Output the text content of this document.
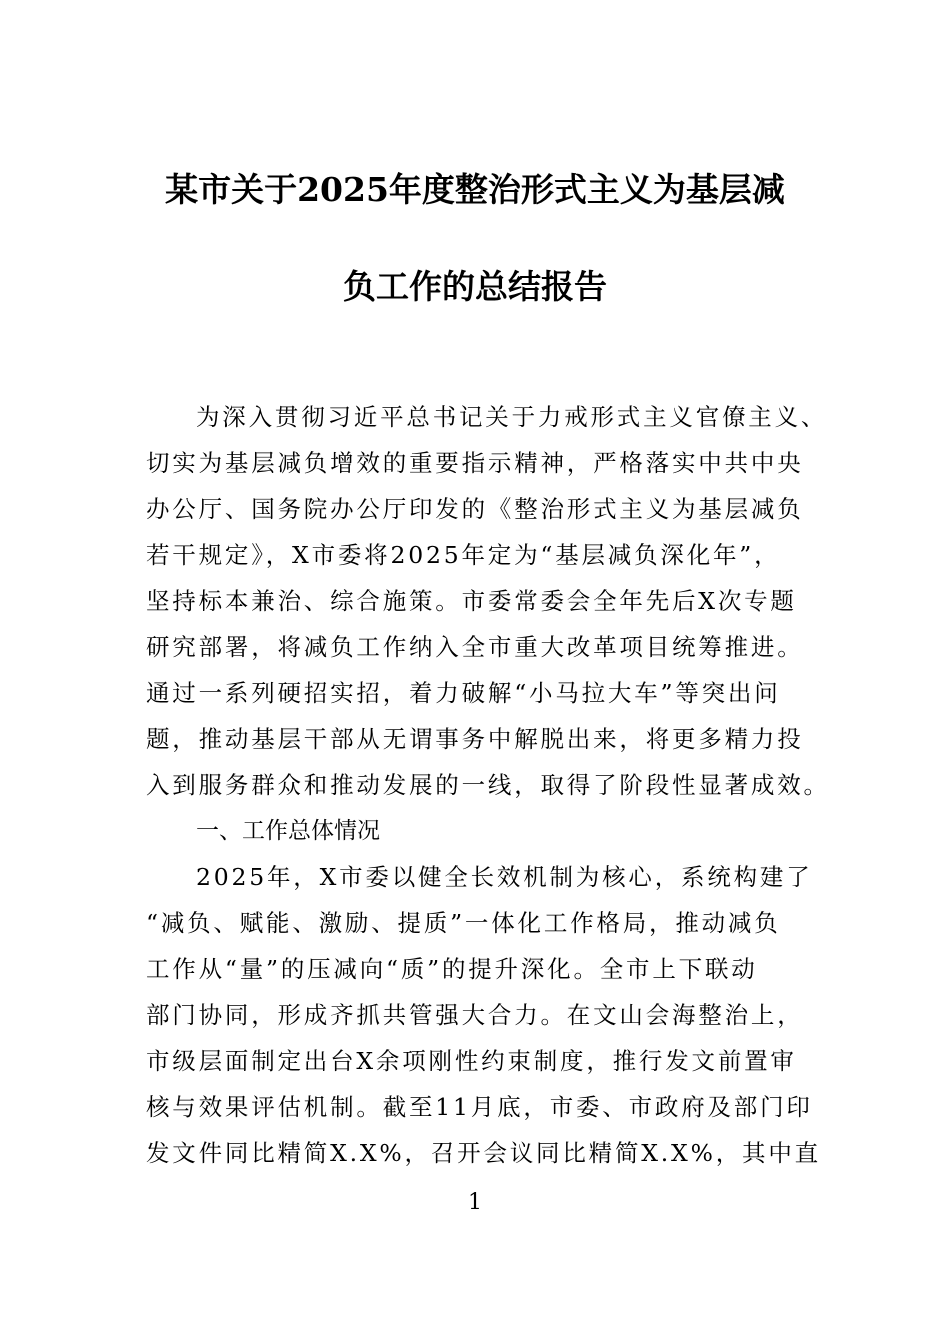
某市关于2025年度整治形式主义为基层减
负工作的总结报告
为深入贯彻习近平总书记关于力戒形式主义官僚主义、
切实为基层减负增效的重要指示精神，严格落实中共中央
办公厅、国务院办公厅印发的《整治形式主义为基层减负
若干规定》，X市委将2025年定为“基层减负深化年”，
坚持标本兼治、综合施策。市委常委会全年先后X次专题
研究部署，将减负工作纳入全市重大改革项目统筹推进。
通过一系列硬招实招，着力破解“小马拉大车”等突出问
题，推动基层干部从无谓事务中解脱出来，将更多精力投
入到服务群众和推动发展的一线，取得了阶段性显著成效。
一、工作总体情况
2025年，X市委以健全长效机制为核心，系统构建了
“减负、赋能、激励、提质”一体化工作格局，推动减负
工作从“量”的压减向“质”的提升深化。全市上下联动
部门协同，形成齐抓共管强大合力。在文山会海整治上，
市级层面制定出台X余项刚性约束制度，推行发文前置审
核与效果评估机制。截至11月底，市委、市政府及部门印
发文件同比精简X.X%，召开会议同比精简X.X%，其中直
1
